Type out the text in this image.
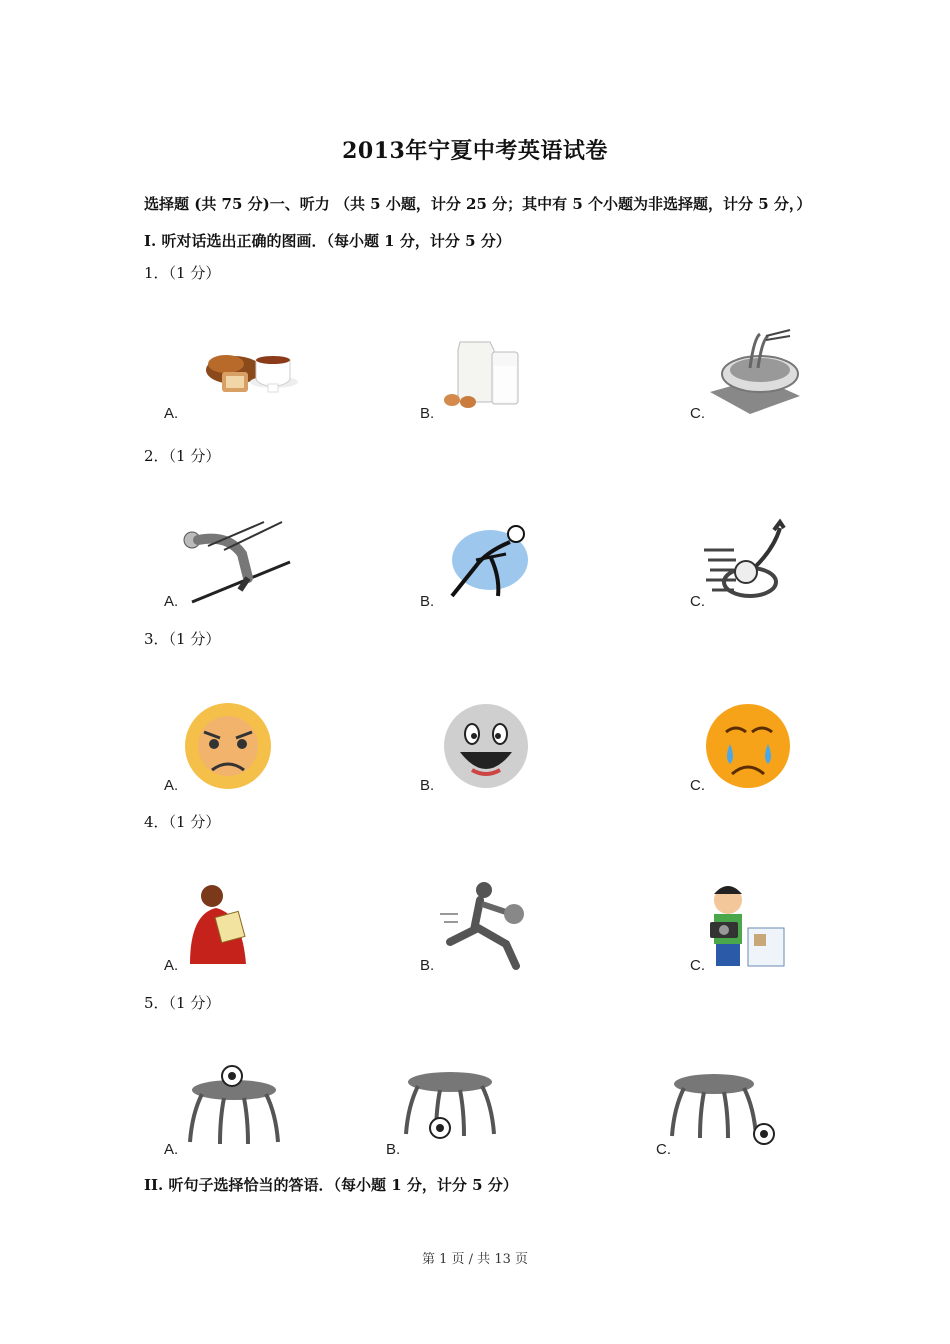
2013年宁夏中考英语试卷
选择题 (共 75 分)一、听力 （共 5 小题，计分 25 分；其中有 5 个小题为非选择题，计分 5 分，）I. 听对话选出正确的图画．（每小题 1 分，计分 5 分）
1．（1 分）
A.	B.	C.
2．（1 分）
A.	B.	C.
3．（1 分）
A.	B.	C.
4．（1 分）
A.	B.	C.
5．（1 分）
A.	B.	C.
II. 听句子选择恰当的答语．（每小题 1 分，计分 5 分）
第 1 页 / 共 13 页
